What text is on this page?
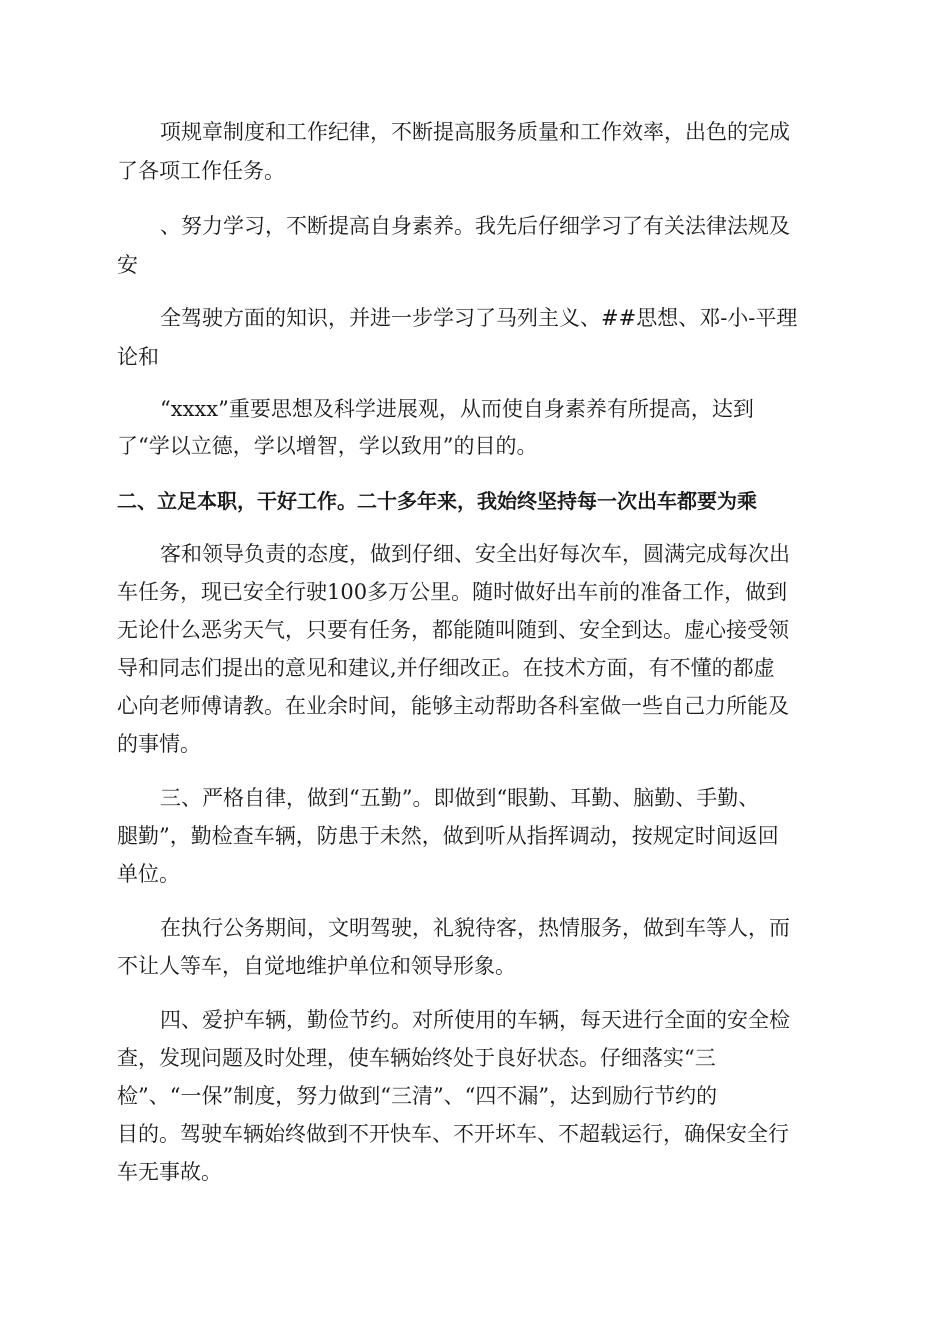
项规章制度和工作纪律，不断提高服务质量和工作效率，出色的完成
了各项工作任务。
、努力学习，不断提高自身素养。我先后仔细学习了有关法律法规及
安
全驾驶方面的知识，并进一步学习了马列主义、##思想、邓-小-平理
论和
“xxxx”重要思想及科学进展观，从而使自身素养有所提高，达到
了“学以立德，学以增智，学以致用”的目的。
二、立足本职，干好工作。二十多年来，我始终坚持每一次出车都要为乘
客和领导负责的态度，做到仔细、安全出好每次车，圆满完成每次出
车任务，现已安全行驶100多万公里。随时做好出车前的准备工作，做到
无论什么恶劣天气，只要有任务，都能随叫随到、安全到达。虚心接受领
导和同志们提出的意见和建议,并仔细改正。在技术方面，有不懂的都虚
心向老师傅请教。在业余时间，能够主动帮助各科室做一些自己力所能及
的事情。
三、严格自律，做到“五勤”。即做到“眼勤、耳勤、脑勤、手勤、
腿勤”，勤检查车辆，防患于未然，做到听从指挥调动，按规定时间返回
单位。
在执行公务期间，文明驾驶，礼貌待客，热情服务，做到车等人，而
不让人等车，自觉地维护单位和领导形象。
四、爱护车辆，勤俭节约。对所使用的车辆，每天进行全面的安全检
查，发现问题及时处理，使车辆始终处于良好状态。仔细落实“三
检”、“一保”制度，努力做到“三清”、“四不漏”，达到励行节约的
目的。驾驶车辆始终做到不开快车、不开坏车、不超载运行，确保安全行
车无事故。
